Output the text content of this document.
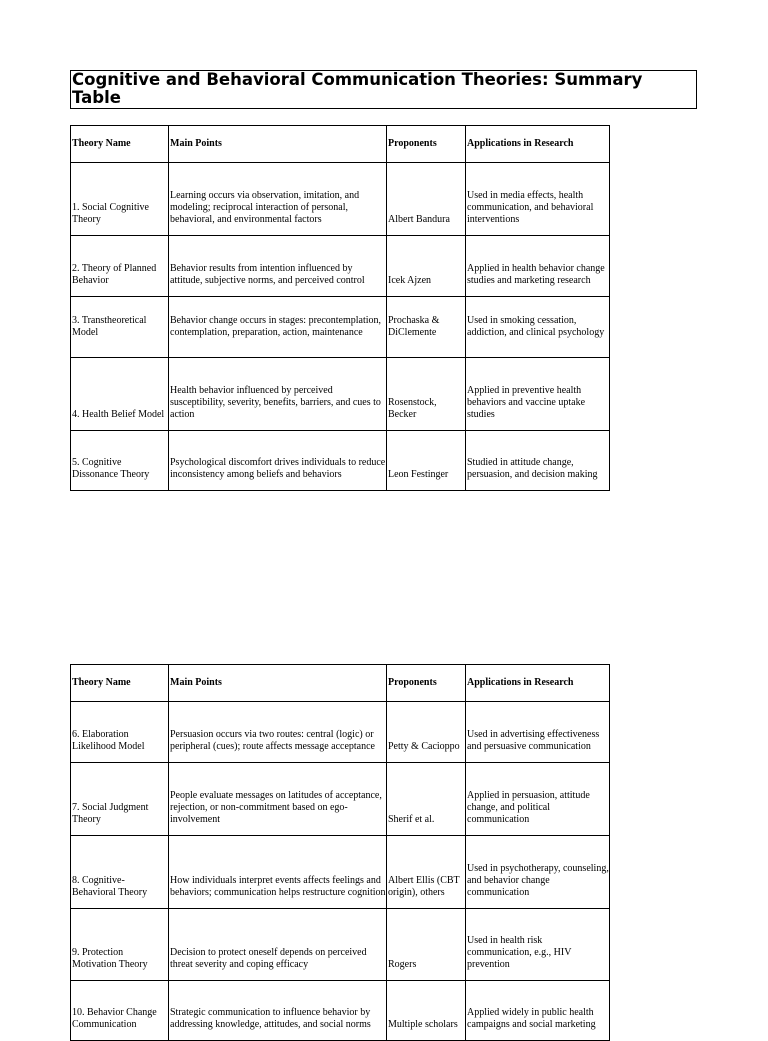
Cognitive and Behavioral Communication Theories: Summary Table
Theory Name	Main Points	Proponents	Applications in Research
1. Social Cognitive Theory	Learning occurs via observation, imitation, and modeling; reciprocal interaction of personal, behavioral, and environmental factors	Albert Bandura	Used in media effects, health communication, and behavioral interventions
2. Theory of Planned Behavior	Behavior results from intention influenced by attitude, subjective norms, and perceived control	Icek Ajzen	Applied in health behavior change studies and marketing research
3. Transtheoretical Model	Behavior change occurs in stages: precontemplation, contemplation, preparation, action, maintenance	Prochaska & DiClemente	Used in smoking cessation, addiction, and clinical psychology
4. Health Belief Model	Health behavior influenced by perceived susceptibility, severity, benefits, barriers, and cues to action	Rosenstock, Becker	Applied in preventive health behaviors and vaccine uptake studies
5. Cognitive Dissonance Theory	Psychological discomfort drives individuals to reduce inconsistency among beliefs and behaviors	Leon Festinger	Studied in attitude change, persuasion, and decision making
Theory Name	Main Points	Proponents	Applications in Research
6. Elaboration Likelihood Model	Persuasion occurs via two routes: central (logic) or peripheral (cues); route affects message acceptance	Petty & Cacioppo	Used in advertising effectiveness and persuasive communication
7. Social Judgment Theory	People evaluate messages on latitudes of acceptance, rejection, or non-commitment based on ego-involvement	Sherif et al.	Applied in persuasion, attitude change, and political communication
8. Cognitive-Behavioral Theory	How individuals interpret events affects feelings and behaviors; communication helps restructure cognition	Albert Ellis (CBT origin), others	Used in psychotherapy, counseling, and behavior change communication
9. Protection Motivation Theory	Decision to protect oneself depends on perceived threat severity and coping efficacy	Rogers	Used in health risk communication, e.g., HIV prevention
10. Behavior Change Communication	Strategic communication to influence behavior by addressing knowledge, attitudes, and social norms	Multiple scholars	Applied widely in public health campaigns and social marketing
